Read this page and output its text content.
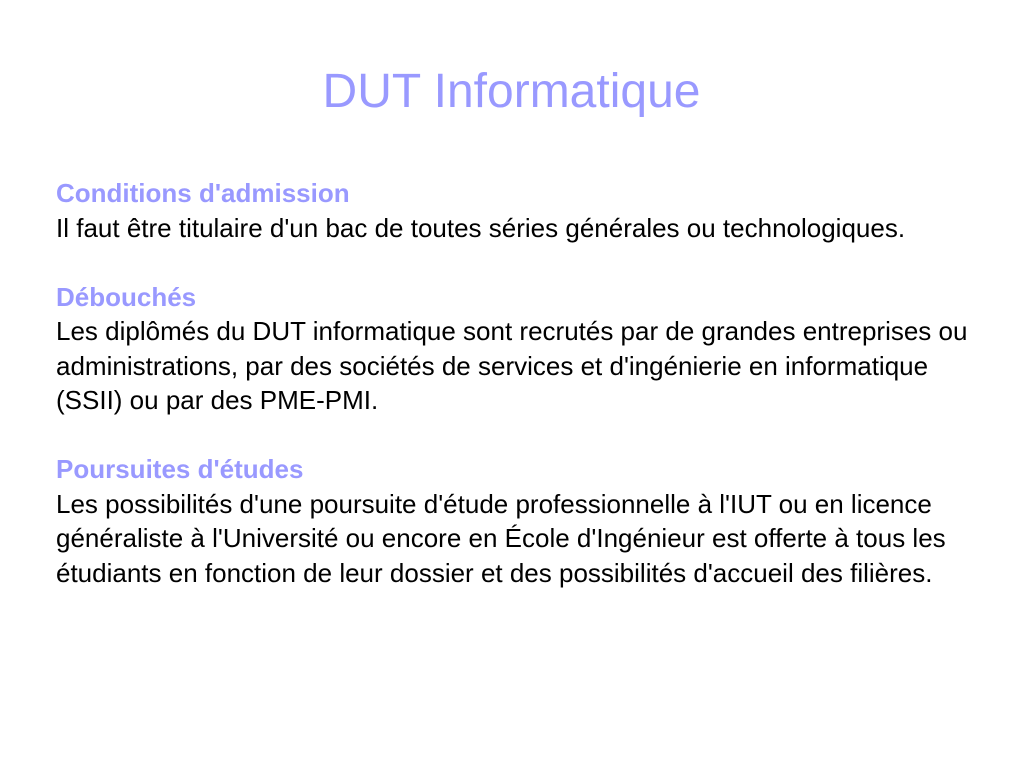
DUT Informatique
Conditions d'admission
Il faut être titulaire d'un bac de toutes séries générales ou technologiques.
Débouchés
Les diplômés du DUT informatique sont recrutés par de grandes entreprises ou administrations, par des sociétés de services et d'ingénierie en informatique (SSII) ou par des PME-PMI.
Poursuites d'études
Les possibilités d'une poursuite d'étude professionnelle à l'IUT ou en licence généraliste à l'Université ou encore en École d'Ingénieur est offerte à tous les étudiants en fonction de leur dossier et des possibilités d'accueil des filières.
